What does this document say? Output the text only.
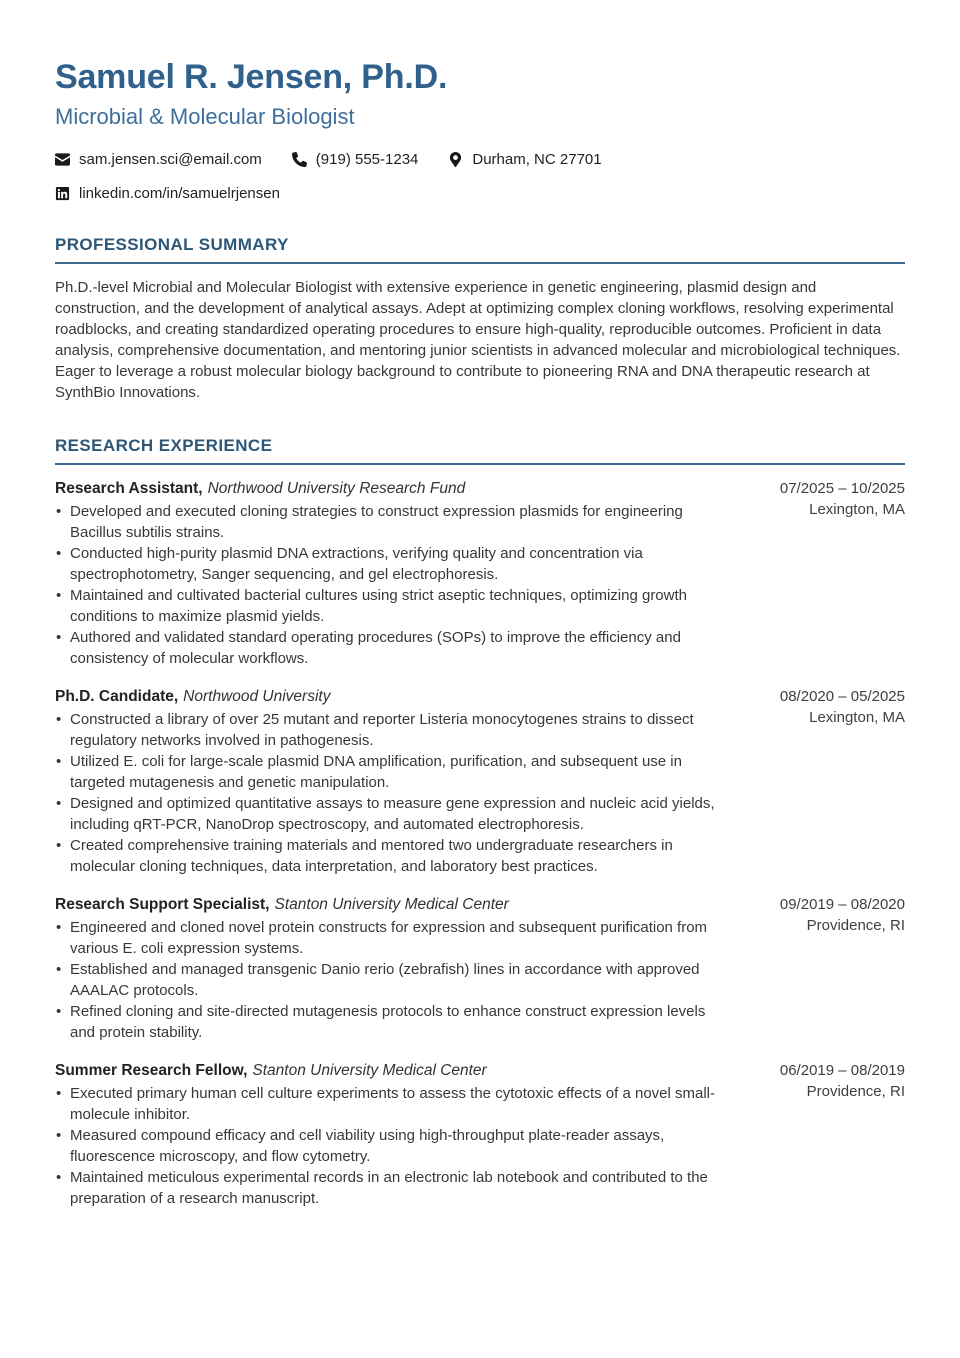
Samuel R. Jensen, Ph.D.
Microbial & Molecular Biologist
sam.jensen.sci@email.com	(919) 555-1234	Durham, NC 27701
linkedin.com/in/samuelrjensen
PROFESSIONAL SUMMARY

Ph.D.-level Microbial and Molecular Biologist with extensive experience in genetic engineering, plasmid design and construction, and the development of analytical assays. Adept at optimizing complex cloning workflows, resolving experimental roadblocks, and creating standardized operating procedures to ensure high-quality, reproducible outcomes. Proficient in data analysis, comprehensive documentation, and mentoring junior scientists in advanced molecular and microbiological techniques. Eager to leverage a robust molecular biology background to contribute to pioneering RNA and DNA therapeutic research at SynthBio Innovations.

RESEARCH EXPERIENCE
Research Assistant, Northwood University Research Fund
• Developed and executed cloning strategies to construct expression plasmids for engineering Bacillus subtilis strains.
• Conducted high-purity plasmid DNA extractions, verifying quality and concentration via spectrophotometry, Sanger sequencing, and gel electrophoresis.
• Maintained and cultivated bacterial cultures using strict aseptic techniques, optimizing growth conditions to maximize plasmid yields.
• Authored and validated standard operating procedures (SOPs) to improve the efficiency and consistency of molecular workflows.
07/2025 – 10/2025
Lexington, MA
Ph.D. Candidate, Northwood University
• Constructed a library of over 25 mutant and reporter Listeria monocytogenes strains to dissect regulatory networks involved in pathogenesis.
• Utilized E. coli for large-scale plasmid DNA amplification, purification, and subsequent use in targeted mutagenesis and genetic manipulation.
• Designed and optimized quantitative assays to measure gene expression and nucleic acid yields, including qRT-PCR, NanoDrop spectroscopy, and automated electrophoresis.
• Created comprehensive training materials and mentored two undergraduate researchers in molecular cloning techniques, data interpretation, and laboratory best practices.
08/2020 – 05/2025
Lexington, MA
Research Support Specialist, Stanton University Medical Center
• Engineered and cloned novel protein constructs for expression and subsequent purification from various E. coli expression systems.
• Established and managed transgenic Danio rerio (zebrafish) lines in accordance with approved AAALAC protocols.
• Refined cloning and site-directed mutagenesis protocols to enhance construct expression levels and protein stability.
09/2019 – 08/2020
Providence, RI
Summer Research Fellow, Stanton University Medical Center
• Executed primary human cell culture experiments to assess the cytotoxic effects of a novel small-molecule inhibitor.
• Measured compound efficacy and cell viability using high-throughput plate-reader assays, fluorescence microscopy, and flow cytometry.
• Maintained meticulous experimental records in an electronic lab notebook and contributed to the preparation of a research manuscript.
06/2019 – 08/2019
Providence, RI
